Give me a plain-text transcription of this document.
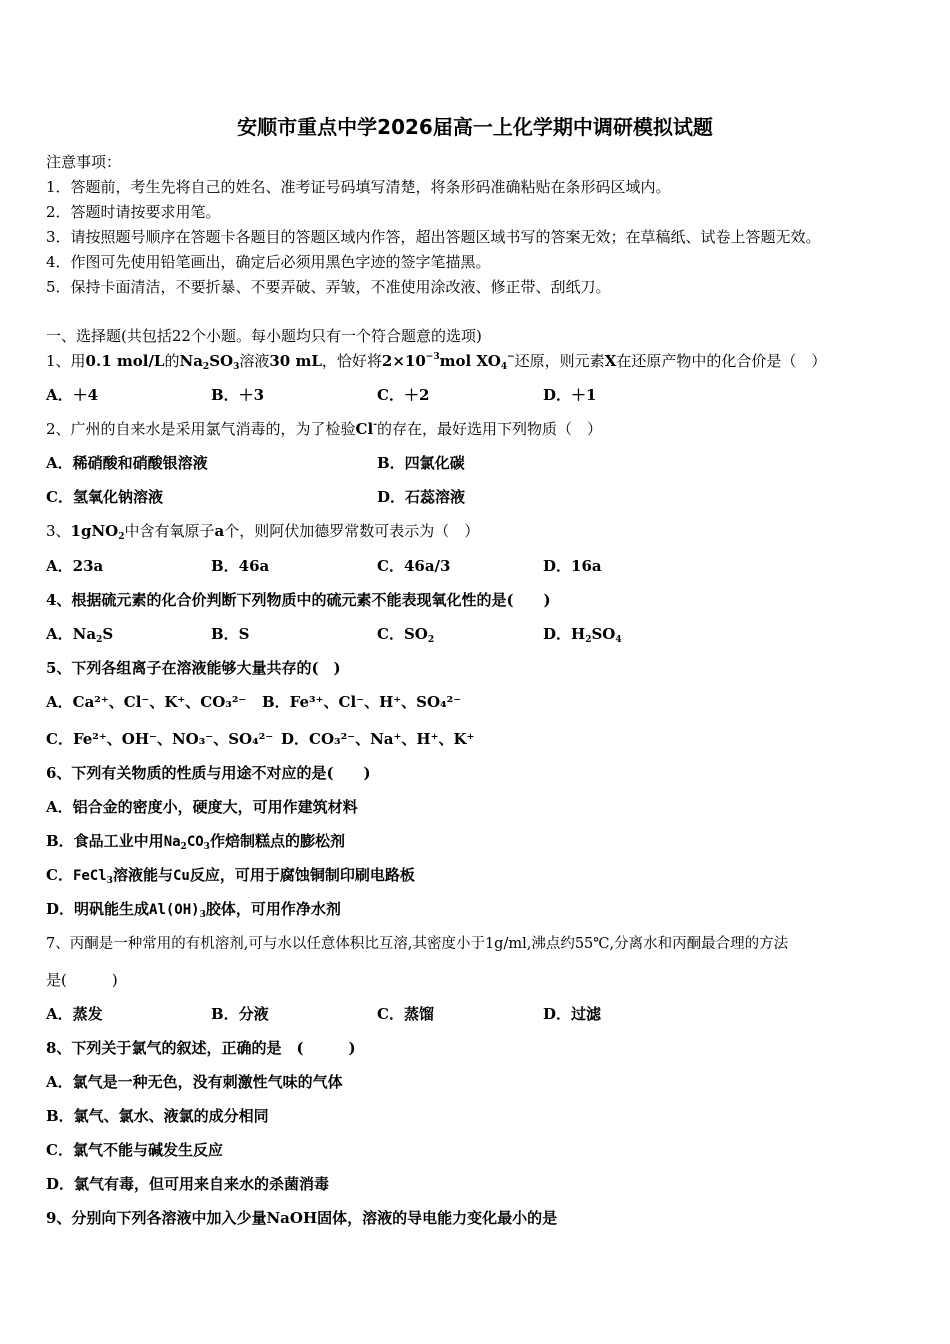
安顺市重点中学2026届高一上化学期中调研模拟试题
注意事项：
1．答题前，考生先将自己的姓名、准考证号码填写清楚，将条形码准确粘贴在条形码区域内。
2．答题时请按要求用笔。
3．请按照题号顺序在答题卡各题目的答题区域内作答，超出答题区域书写的答案无效；在草稿纸、试卷上答题无效。
4．作图可先使用铅笔画出，确定后必须用黑色字迹的签字笔描黑。
5．保持卡面清洁，不要折暴、不要弄破、弄皱，不准使用涂改液、修正带、刮纸刀。
一、选择题(共包括22个小题。每小题均只有一个符合题意的选项)
1、用0.1 mol/L的$Na_2SO_3$溶液30 mL，恰好将$2\times 10^{-3}mol$ $XO_4^-$还原，则元素X在还原产物中的化合价是（　）
A．＋4	B．＋3	C．＋2	D．＋1
2、广州的自来水是采用氯气消毒的，为了检验Cl-的存在，最好选用下列物质（　）
A．稀硝酸和硝酸银溶液	B．四氯化碳
C．氢氧化钠溶液	D．石蕊溶液
3、1gNO$_2$中含有氧原子a个，则阿伏加德罗常数可表示为（　）
A．23a	B．46a	C．46a/3	D．16a
4、根据硫元素的化合价判断下列物质中的硫元素不能表现氧化性的是(　　)
A．$Na_2S$	B．S	C．$SO_2$	D．$H_2SO_4$
5、下列各组离子在溶液能够大量共存的(　)
A．Ca²⁺、Cl⁻、K⁺、CO₃²⁻ B．Fe³⁺、Cl⁻、H⁺、SO₄²⁻
C．Fe²⁺、OH⁻、NO₃⁻、SO₄²⁻ D．CO₃²⁻、Na⁺、H⁺、K⁺
6、下列有关物质的性质与用途不对应的是(　　)
A．铝合金的密度小，硬度大，可用作建筑材料
B．食品工业中用$Na_2CO_3$作焙制糕点的膨松剂
C．FeCl$_3$溶液能与Cu反应，可用于腐蚀铜制印刷电路板
D．明矾能生成$Al(OH)_3$胶体，可用作净水剂
7、丙酮是一种常用的有机溶剂,可与水以任意体积比互溶,其密度小于1g/ml,沸点约55℃,分离水和丙酮最合理的方法
是(　　　)
A．蒸发	B．分液	C．蒸馏	D．过滤
8、下列关于氯气的叙述，正确的是　(　　　)
A．氯气是一种无色，没有刺激性气味的气体
B．氯气、氯水、液氯的成分相同
C．氯气不能与碱发生反应
D．氯气有毒，但可用来自来水的杀菌消毒
9、分别向下列各溶液中加入少量NaOH固体，溶液的导电能力变化最小的是
